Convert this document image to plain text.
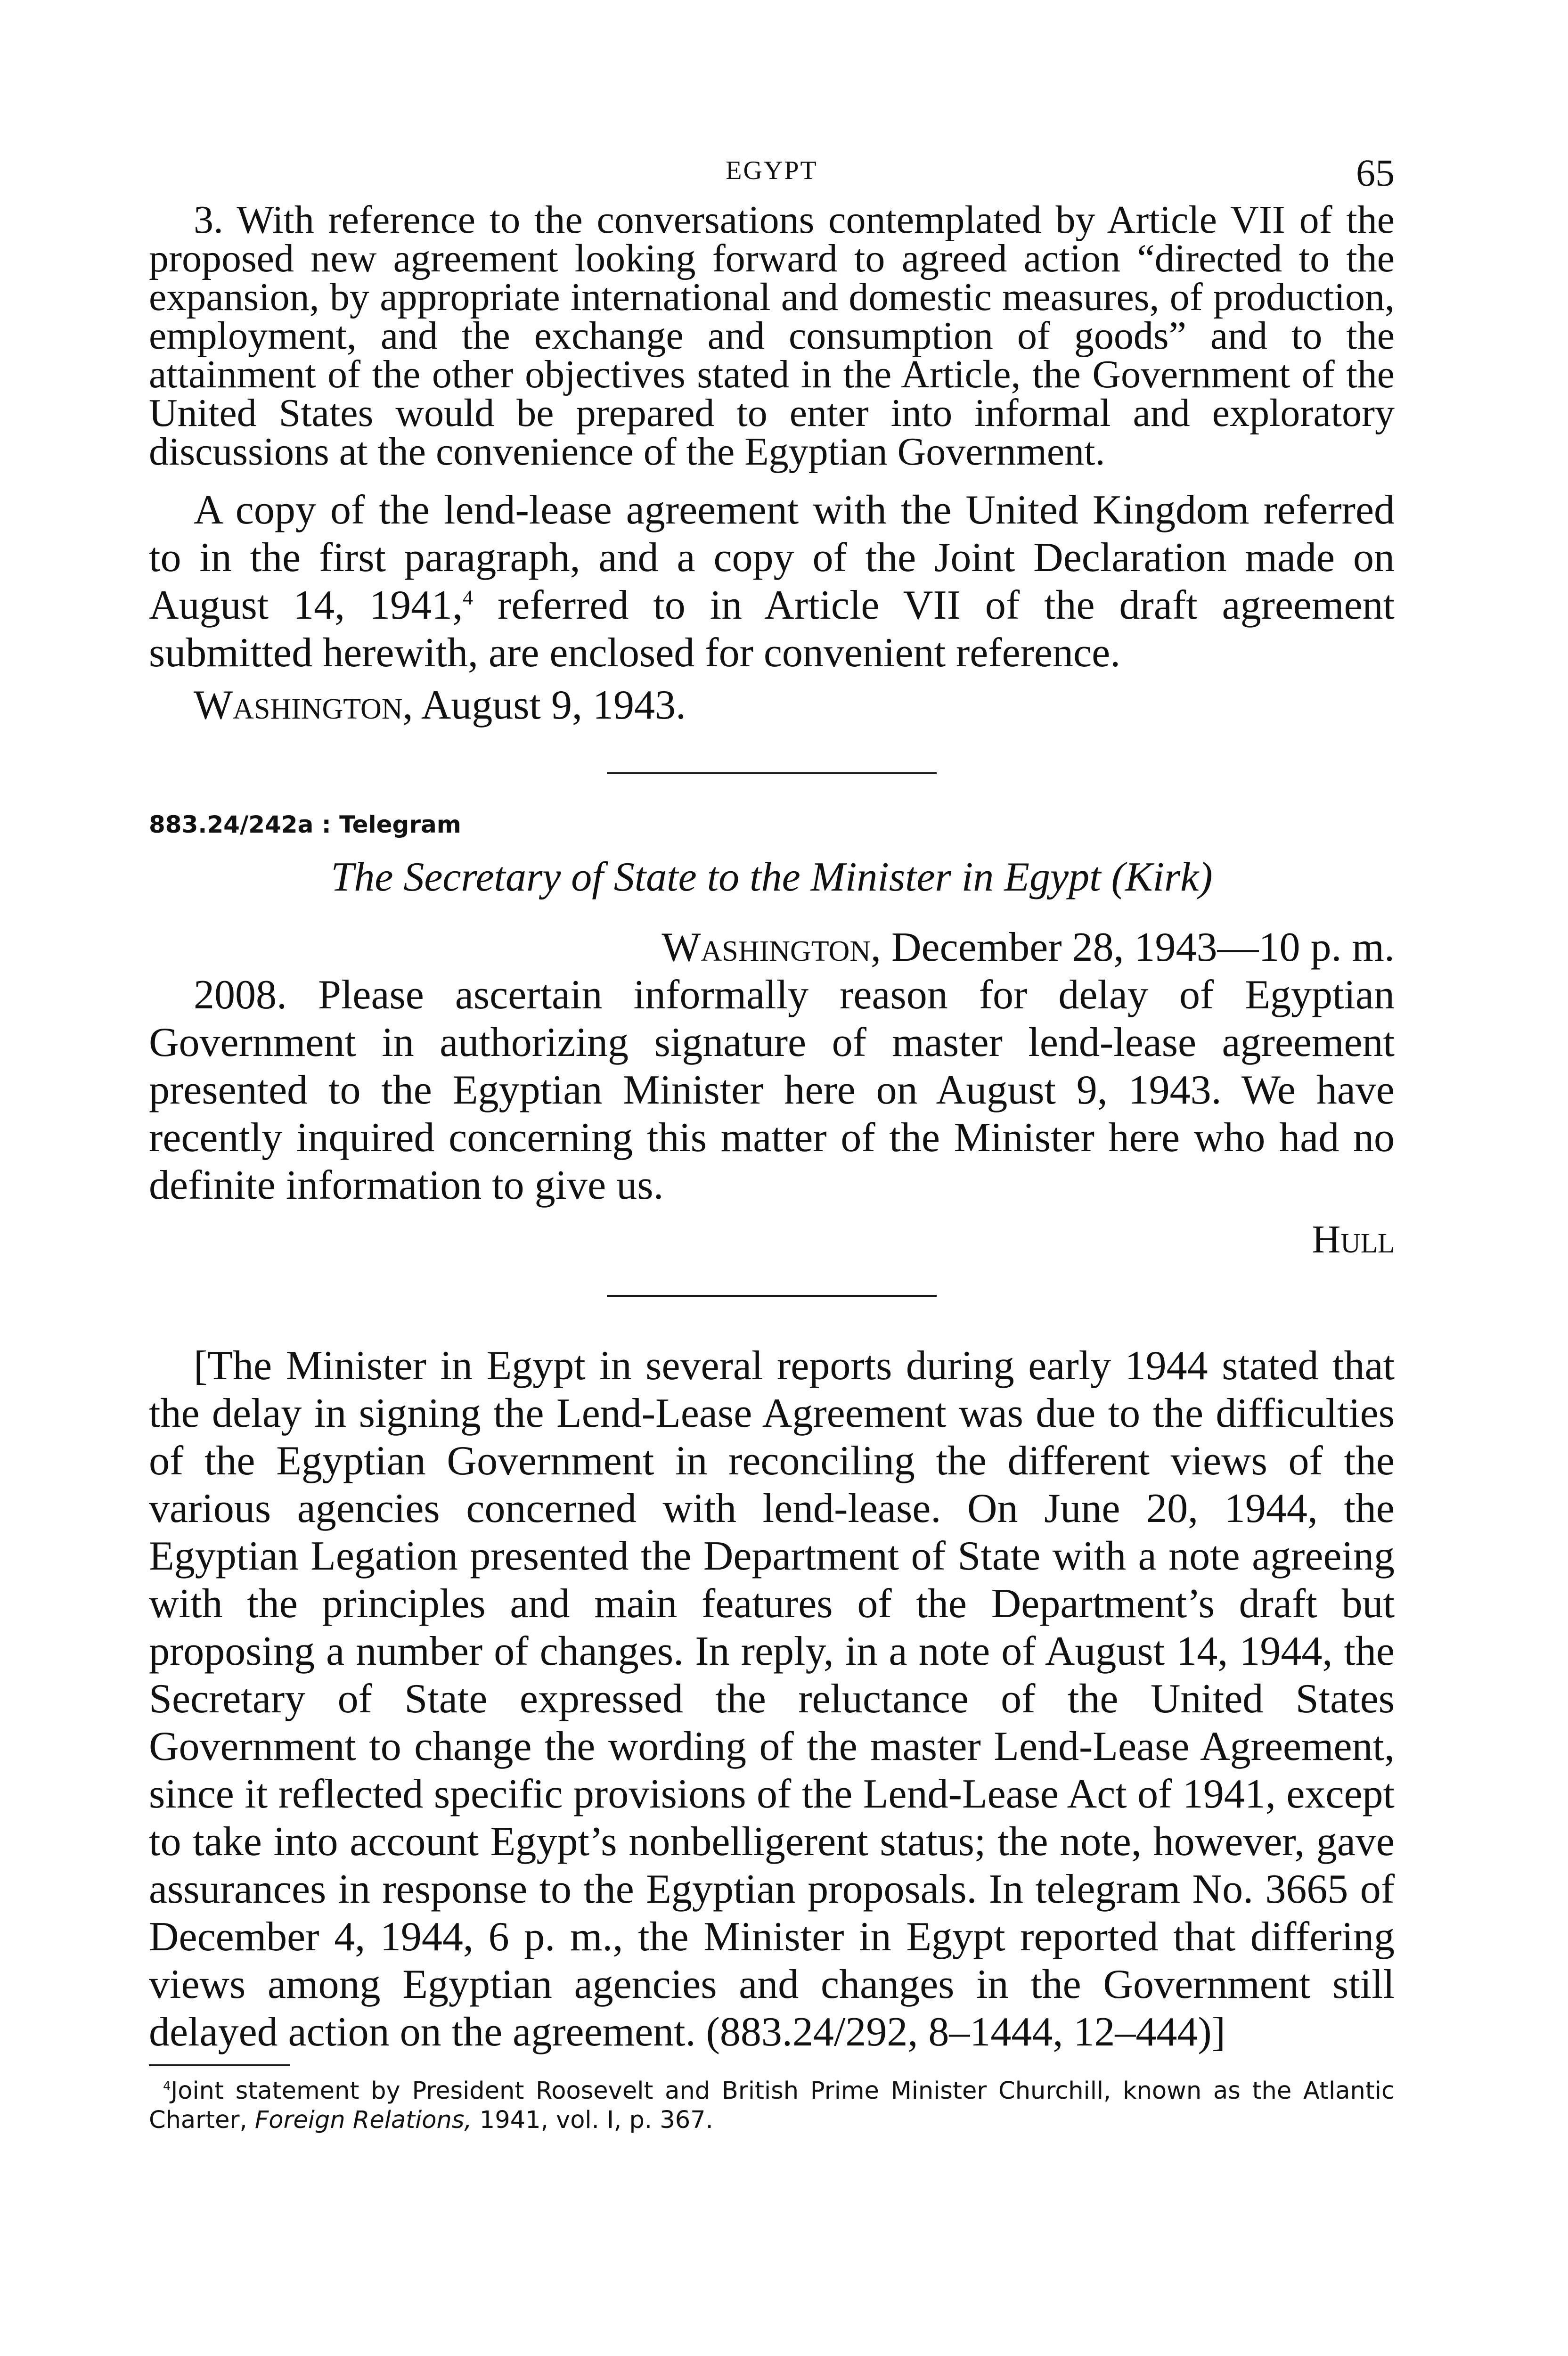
EGYPT	65

3. With reference to the conversations contemplated by Article VII of the proposed new agreement looking forward to agreed action “directed to the expansion, by appropriate international and domestic measures, of production, employment, and the exchange and consumption of goods” and to the attainment of the other objectives stated in the Article, the Government of the United States would be prepared to enter into informal and exploratory discussions at the convenience of the Egyptian Government.

A copy of the lend-lease agreement with the United Kingdom referred to in the first paragraph, and a copy of the Joint Declaration made on August 14, 1941,$^4$ referred to in Article VII of the draft agreement submitted herewith, are enclosed for convenient reference.

Washington, August 9, 1943.
883.24/242a : Telegram
The Secretary of State to the Minister in Egypt (Kirk)
Washington, December 28, 1943—10 p. m.

2008. Please ascertain informally reason for delay of Egyptian Government in authorizing signature of master lend-lease agreement presented to the Egyptian Minister here on August 9, 1943. We have recently inquired concerning this matter of the Minister here who had no definite information to give us.

Hull

[The Minister in Egypt in several reports during early 1944 stated that the delay in signing the Lend-Lease Agreement was due to the difficulties of the Egyptian Government in reconciling the different views of the various agencies concerned with lend-lease. On June 20, 1944, the Egyptian Legation presented the Department of State with a note agreeing with the principles and main features of the Department’s draft but proposing a number of changes. In reply, in a note of August 14, 1944, the Secretary of State expressed the reluctance of the United States Government to change the wording of the master Lend-Lease Agreement, since it reflected specific provisions of the Lend-Lease Act of 1941, except to take into account Egypt’s nonbelligerent status; the note, however, gave assurances in response to the Egyptian proposals. In telegram No. 3665 of December 4, 1944, 6 p. m., the Minister in Egypt reported that differing views among Egyptian agencies and changes in the Government still delayed action on the agreement. (883.24/292, 8–1444, 12–444)]

$^4$Joint statement by President Roosevelt and British Prime Minister Churchill, known as the Atlantic Charter, Foreign Relations, 1941, vol. I, p. 367.
